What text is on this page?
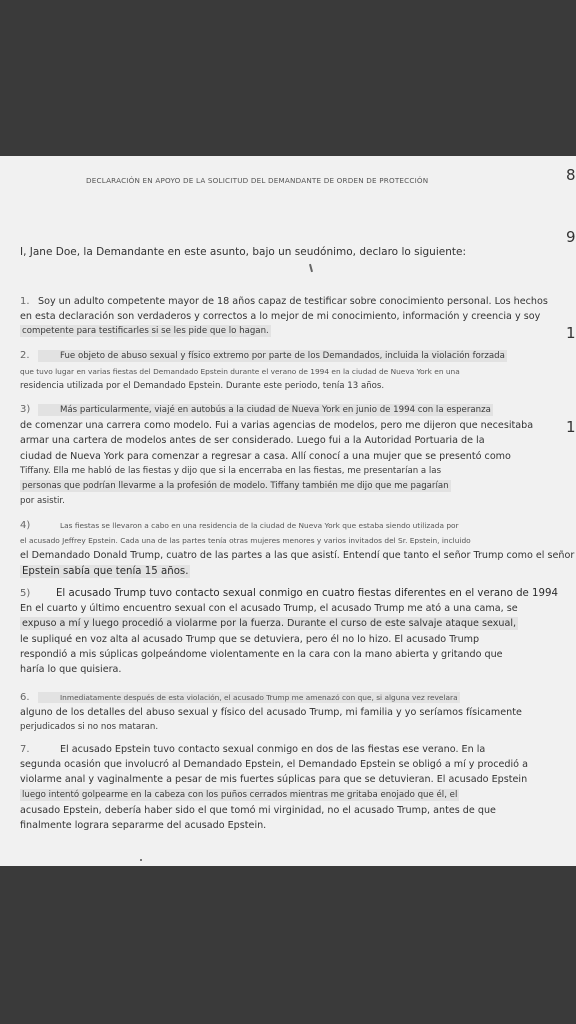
DECLARACIÓN EN APOYO DE LA SOLICITUD DEL DEMANDANTE DE ORDEN DE PROTECCIÓN
I, Jane Doe, la Demandante en este asunto, bajo un seudónimo, declaro lo siguiente:
1. Soy un adulto competente mayor de 18 años capaz de testificar sobre conocimiento personal. Los hechos
en esta declaración son verdaderos y correctos a lo mejor de mi conocimiento, información y creencia y soy
competente para testificarles si se les pide que lo hagan.
2.	Fue objeto de abuso sexual y físico extremo por parte de los Demandados, incluida la violación forzada
que tuvo lugar en varias fiestas del Demandado Epstein durante el verano de 1994 en la ciudad de Nueva York en una
residencia utilizada por el Demandado Epstein. Durante este periodo, tenía 13 años.
3)	Más particularmente, viajé en autobús a la ciudad de Nueva York en junio de 1994 con la esperanza
de comenzar una carrera como modelo. Fui a varias agencias de modelos, pero me dijeron que necesitaba
armar una cartera de modelos antes de ser considerado. Luego fui a la Autoridad Portuaria de la
ciudad de Nueva York para comenzar a regresar a casa. Allí conocí a una mujer que se presentó como
Tiffany. Ella me habló de las fiestas y dijo que si la encerraba en las fiestas, me presentarían a las
personas que podrían llevarme a la profesión de modelo. Tiffany también me dijo que me pagarían
por asistir.
4)	Las fiestas se llevaron a cabo en una residencia de la ciudad de Nueva York que estaba siendo utilizada por
el acusado Jeffrey Epstein. Cada una de las partes tenía otras mujeres menores y varios invitados del Sr. Epstein, incluido
el Demandado Donald Trump, cuatro de las partes a las que asistí. Entendí que tanto el señor Trump como el señor
Epstein sabía que tenía 15 años.
5)	El acusado Trump tuvo contacto sexual conmigo en cuatro fiestas diferentes en el verano de 1994
En el cuarto y último encuentro sexual con el acusado Trump, el acusado Trump me ató a una cama, se
expuso a mí y luego procedió a violarme por la fuerza. Durante el curso de este salvaje ataque sexual,
le supliqué en voz alta al acusado Trump que se detuviera, pero él no lo hizo. El acusado Trump
respondió a mis súplicas golpeándome violentamente en la cara con la mano abierta y gritando que
haría lo que quisiera.
6.	Inmediatamente después de esta violación, el acusado Trump me amenazó con que, si alguna vez revelara
alguno de los detalles del abuso sexual y físico del acusado Trump, mi familia y yo seríamos físicamente
perjudicados si no nos mataran.
7.	El acusado Epstein tuvo contacto sexual conmigo en dos de las fiestas ese verano. En la
segunda ocasión que involucró al Demandado Epstein, el Demandado Epstein se obligó a mí y procedió a
violarme anal y vaginalmente a pesar de mis fuertes súplicas para que se detuvieran. El acusado Epstein
luego intentó golpearme en la cabeza con los puños cerrados mientras me gritaba enojado que él, el
acusado Epstein, debería haber sido el que tomó mi virginidad, no el acusado Trump, antes de que
finalmente lograra separarme del acusado Epstein.
8
9
1
1
